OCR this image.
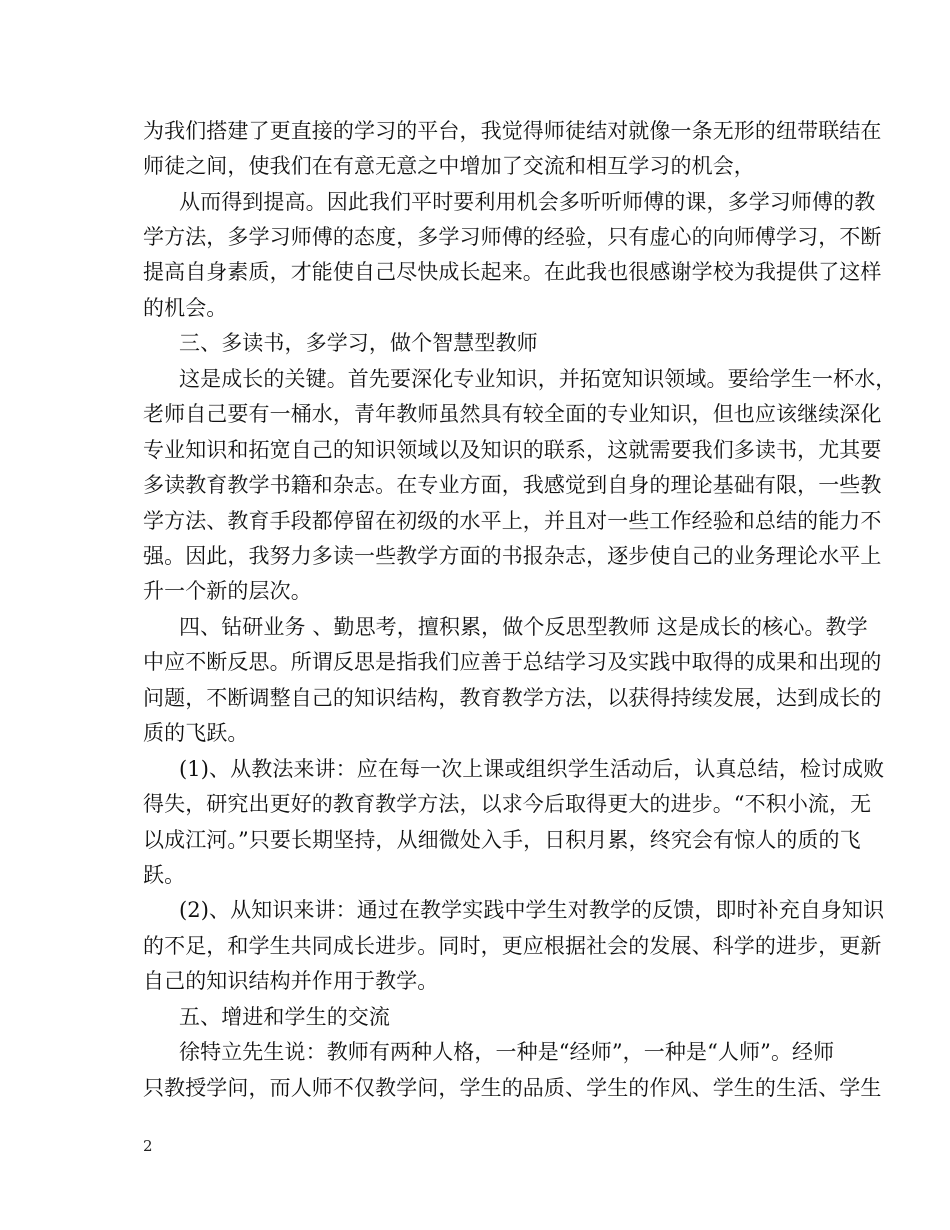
为我们搭建了更直接的学习的平台，我觉得师徒结对就像一条无形的纽带联结在
师徒之间，使我们在有意无意之中增加了交流和相互学习的机会，
从而得到提高。因此我们平时要利用机会多听听师傅的课，多学习师傅的教
学方法，多学习师傅的态度，多学习师傅的经验，只有虚心的向师傅学习，不断
提高自身素质，才能使自己尽快成长起来。在此我也很感谢学校为我提供了这样
的机会。
三、多读书，多学习，做个智慧型教师
这是成长的关键。首先要深化专业知识，并拓宽知识领域。要给学生一杯水，
老师自己要有一桶水，青年教师虽然具有较全面的专业知识，但也应该继续深化
专业知识和拓宽自己的知识领域以及知识的联系，这就需要我们多读书，尤其要
多读教育教学书籍和杂志。在专业方面，我感觉到自身的理论基础有限，一些教
学方法、教育手段都停留在初级的水平上，并且对一些工作经验和总结的能力不
强。因此，我努力多读一些教学方面的书报杂志，逐步使自己的业务理论水平上
升一个新的层次。
四、钻研业务 、勤思考，擅积累，做个反思型教师 这是成长的核心。教学
中应不断反思。所谓反思是指我们应善于总结学习及实践中取得的成果和出现的
问题，不断调整自己的知识结构，教育教学方法，以获得持续发展，达到成长的
质的飞跃。
(1)、从教法来讲：应在每一次上课或组织学生活动后，认真总结，检讨成败
得失，研究出更好的教育教学方法，以求今后取得更大的进步。“不积小流，无
以成江河。”只要长期坚持，从细微处入手，日积月累，终究会有惊人的质的飞
跃。
(2)、从知识来讲：通过在教学实践中学生对教学的反馈，即时补充自身知识
的不足，和学生共同成长进步。同时，更应根据社会的发展、科学的进步，更新
自己的知识结构并作用于教学。
五、增进和学生的交流
徐特立先生说：教师有两种人格，一种是“经师”，一种是“人师”。经师
只教授学问，而人师不仅教学问，学生的品质、学生的作风、学生的生活、学生
2
